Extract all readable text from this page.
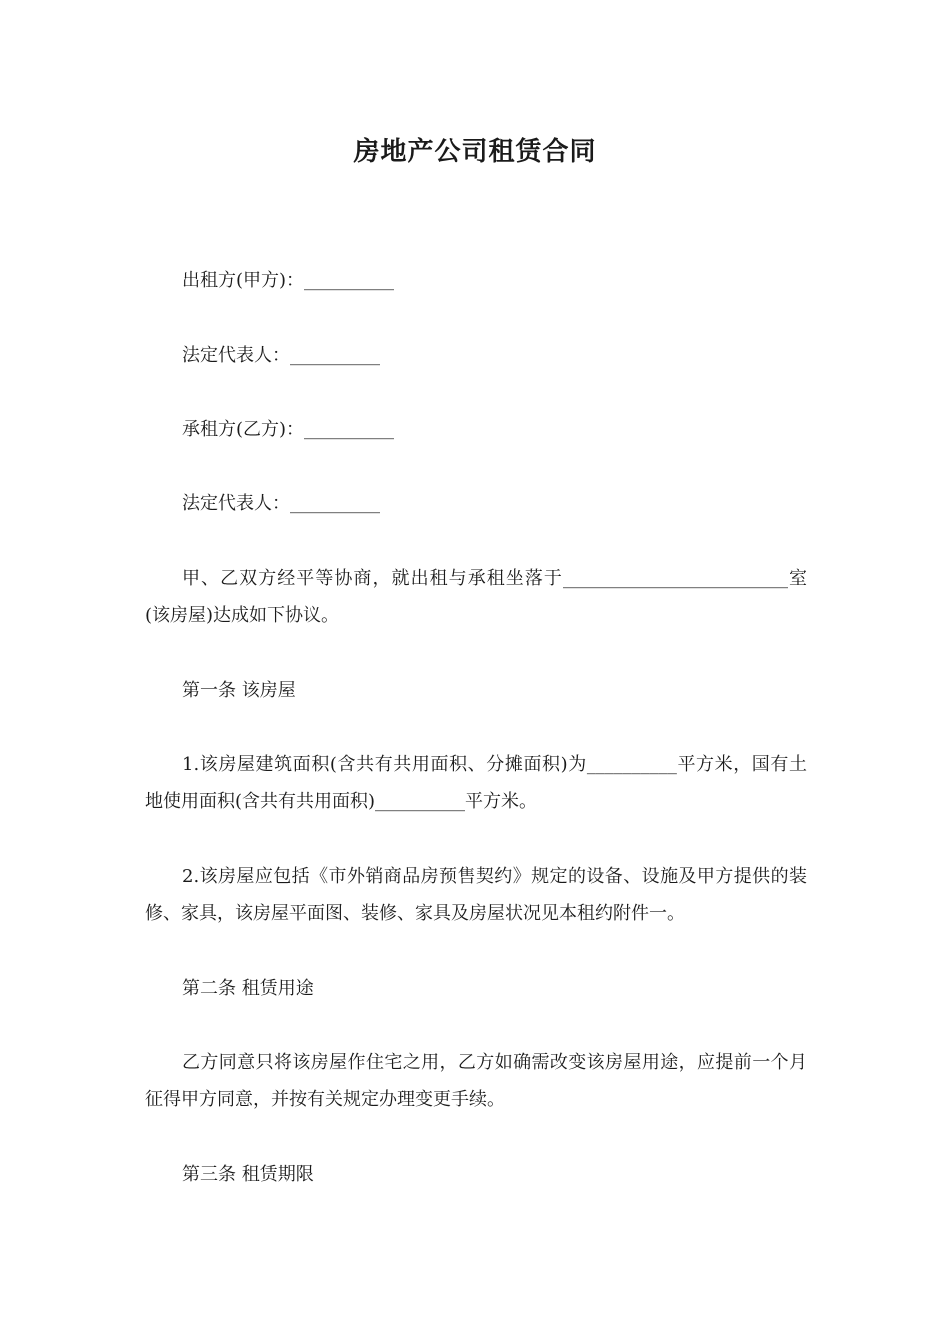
房地产公司租赁合同
出租方(甲方)：__________
法定代表人：__________
承租方(乙方)：__________
法定代表人：__________
甲、乙双方经平等协商，就出租与承租坐落于_________________________室(该房屋)达成如下协议。
第一条 该房屋
1.该房屋建筑面积(含共有共用面积、分摊面积)为__________平方米，国有土地使用面积(含共有共用面积)__________平方米。
2.该房屋应包括《市外销商品房预售契约》规定的设备、设施及甲方提供的装修、家具，该房屋平面图、装修、家具及房屋状况见本租约附件一。
第二条 租赁用途
乙方同意只将该房屋作住宅之用，乙方如确需改变该房屋用途，应提前一个月征得甲方同意，并按有关规定办理变更手续。
第三条 租赁期限
